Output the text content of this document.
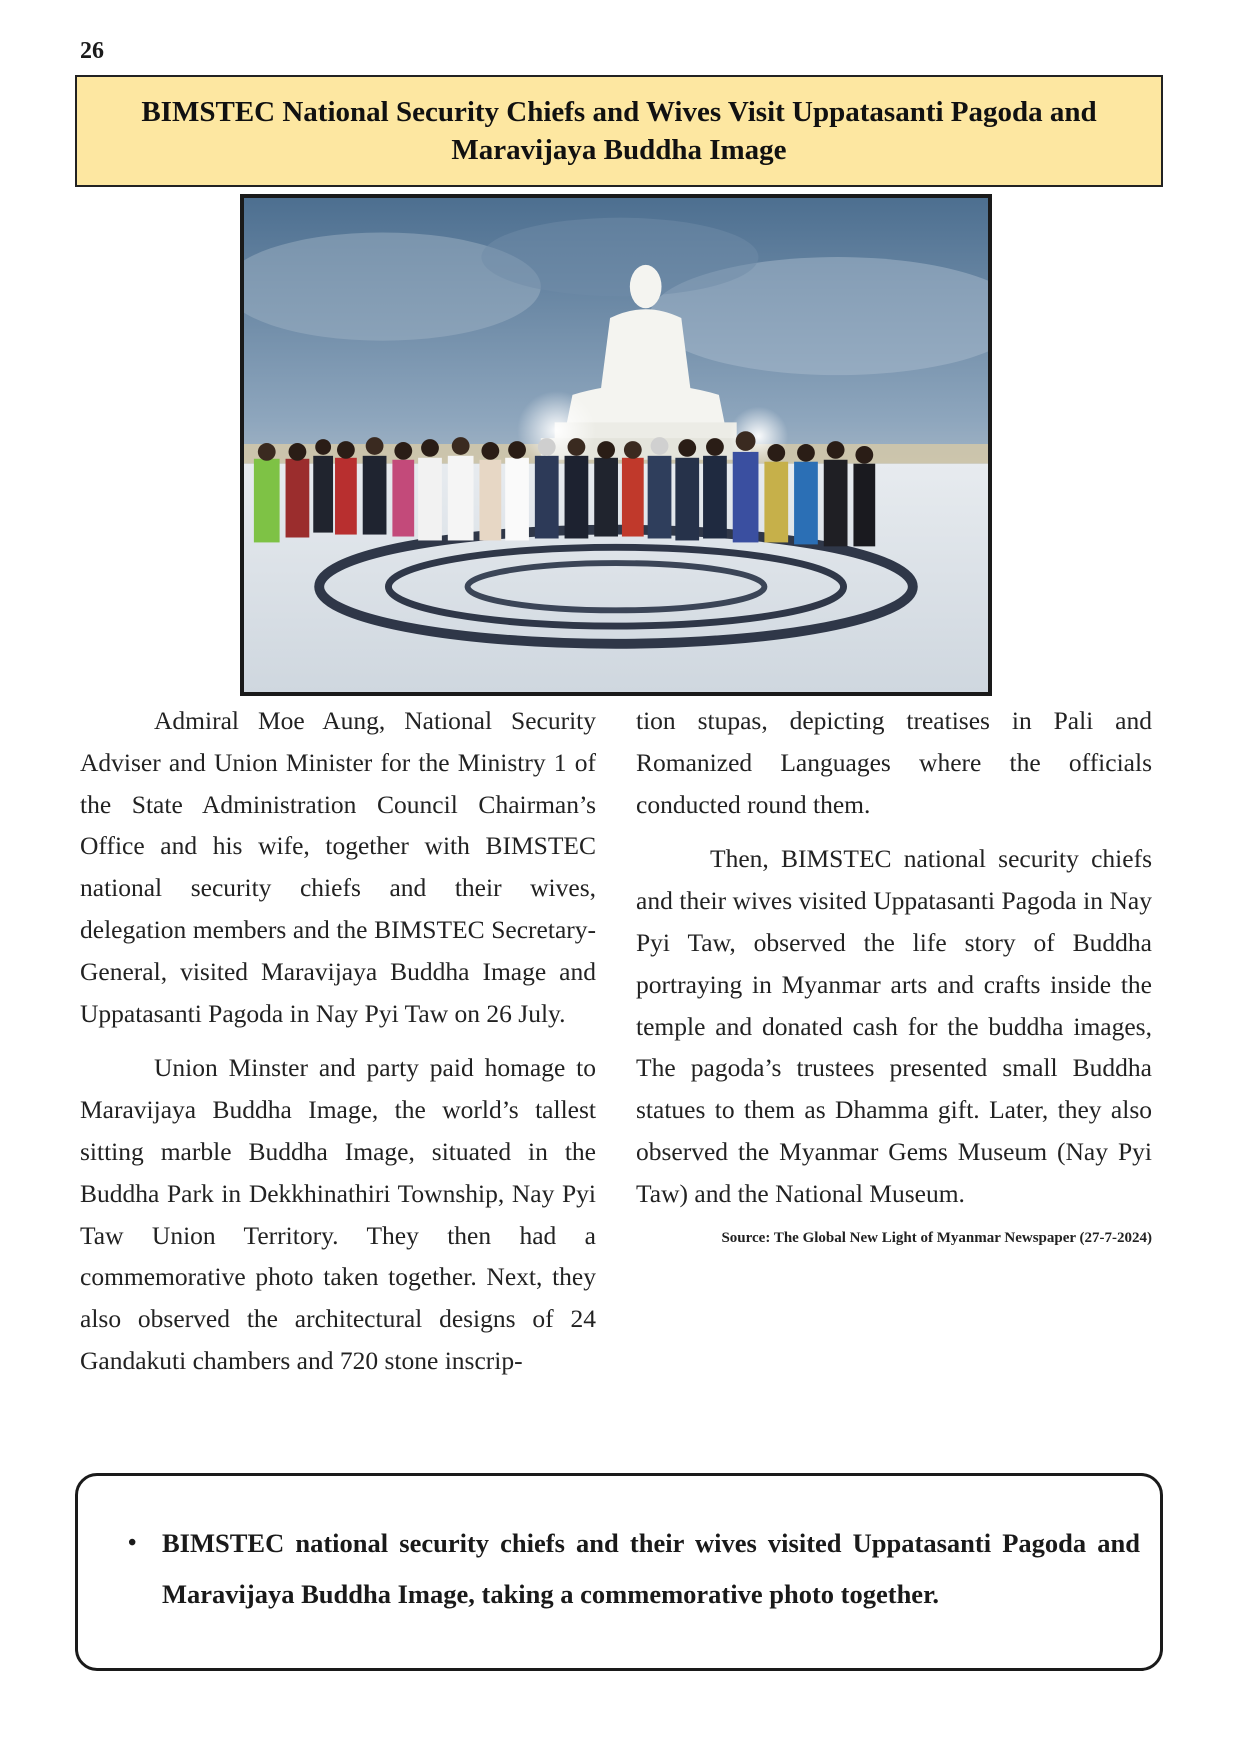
26
BIMSTEC National Security Chiefs and Wives Visit Uppatasanti Pagoda and Maravijaya Buddha Image

Admiral Moe Aung, National Security Adviser and Union Minister for the Ministry 1 of the State Administration Council Chairman’s Office and his wife, together with BIMSTEC national security chiefs and their wives, delegation members and the BIMSTEC Secretary-General, visited Maravijaya Buddha Image and Uppatasanti Pagoda in Nay Pyi Taw on 26 July.

Union Minster and party paid homage to Maravijaya Buddha Image, the world’s tallest sitting marble Buddha Image, situated in the Buddha Park in Dekkhinathiri Township, Nay Pyi Taw Union Territory. They then had a commemorative photo taken together. Next, they also observed the architectural designs of 24 Gandakuti chambers and 720 stone inscrip-

tion stupas, depicting treatises in Pali and Romanized Languages where the officials conducted round them.

Then, BIMSTEC national security chiefs and their wives visited Uppatasanti Pagoda in Nay Pyi Taw, observed the life story of Buddha portraying in Myanmar arts and crafts inside the temple and donated cash for the buddha images, The pagoda’s trustees presented small Buddha statues to them as Dhamma gift. Later, they also observed the Myanmar Gems Museum (Nay Pyi Taw) and the National Museum.

Source: The Global New Light of Myanmar Newspaper (27-7-2024)

• BIMSTEC national security chiefs and their wives visited Uppatasanti Pagoda and Maravijaya Buddha Image, taking a commemorative photo together.
